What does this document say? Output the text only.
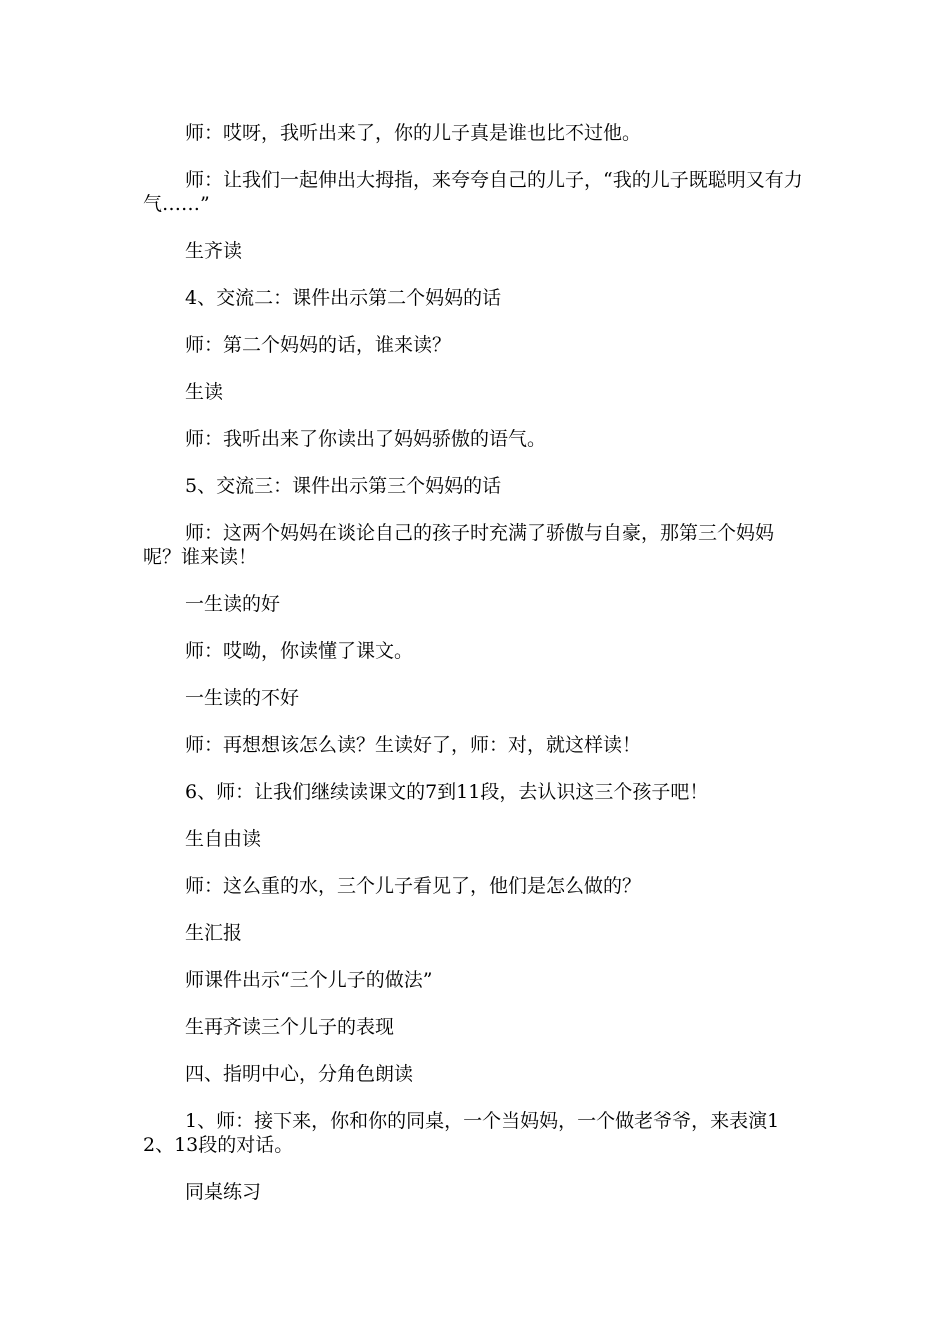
师：哎呀，我听出来了，你的儿子真是谁也比不过他。

师：让我们一起伸出大拇指，来夸夸自己的儿子，“我的儿子既聪明又有力气……”

生齐读

4、交流二：课件出示第二个妈妈的话

师：第二个妈妈的话，谁来读？

生读

师：我听出来了你读出了妈妈骄傲的语气。

5、交流三：课件出示第三个妈妈的话

师：这两个妈妈在谈论自己的孩子时充满了骄傲与自豪，那第三个妈妈呢？谁来读！

一生读的好

师：哎呦，你读懂了课文。

一生读的不好

师：再想想该怎么读？生读好了，师：对，就这样读！

6、师：让我们继续读课文的7到11段，去认识这三个孩子吧！

生自由读

师：这么重的水，三个儿子看见了，他们是怎么做的？

生汇报

师课件出示“三个儿子的做法”

生再齐读三个儿子的表现

四、指明中心，分角色朗读

1、师：接下来，你和你的同桌，一个当妈妈，一个做老爷爷，来表演12、13段的对话。

同桌练习
